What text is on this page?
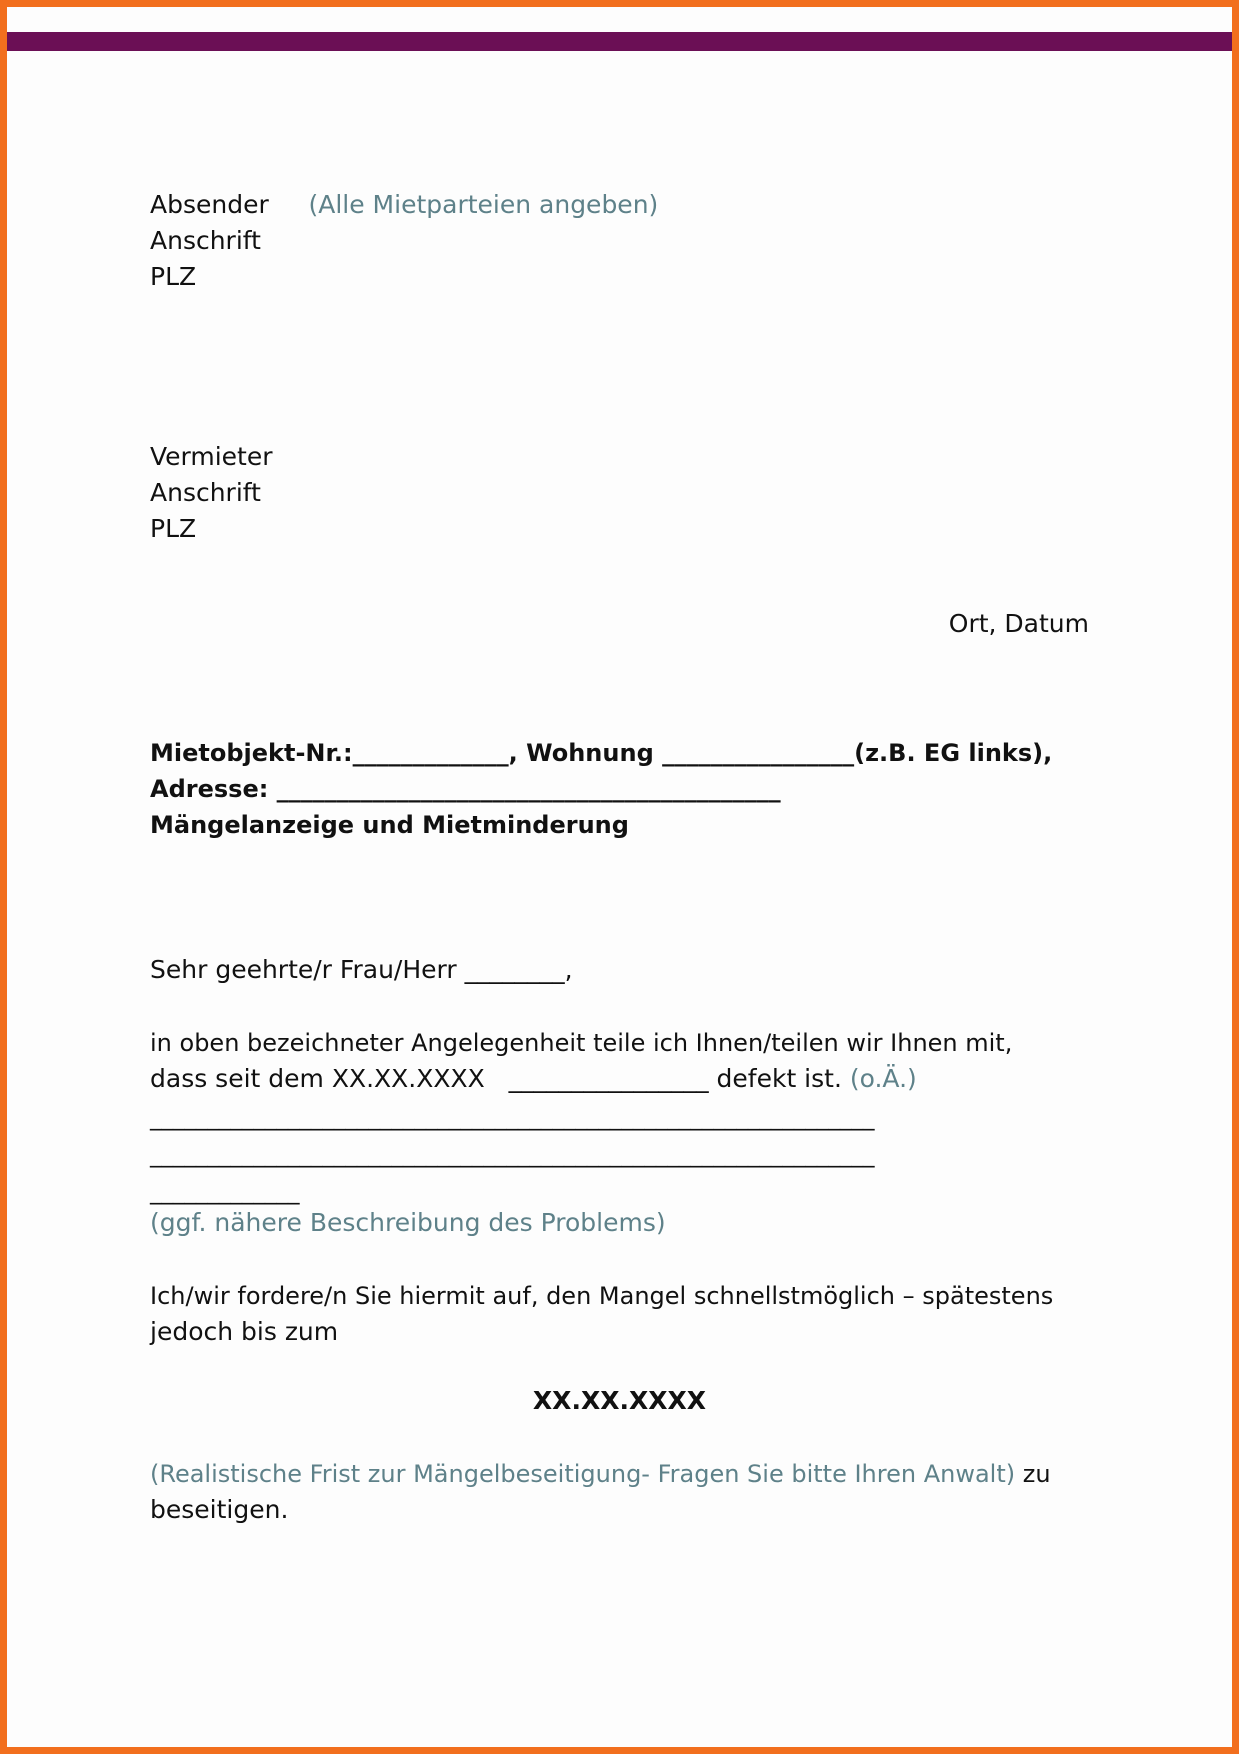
Absender (Alle Mietparteien angeben)
Anschrift
PLZ
Vermieter
Anschrift
PLZ
Ort, Datum
Mietobjekt-Nr.:_____________, Wohnung ________________(z.B. EG links),
Adresse: __________________________________________
Mängelanzeige und Mietminderung
Sehr geehrte/r Frau/Herr ________,
in oben bezeichneter Angelegenheit teile ich Ihnen/teilen wir Ihnen mit,
dass seit dem XX.XX.XXXX   ________________ defekt ist. (o.Ä.)
_______________________________________________________________
_______________________________________________________________
_____________
(ggf. nähere Beschreibung des Problems)
Ich/wir fordere/n Sie hiermit auf, den Mangel schnellstmöglich – spätestens
jedoch bis zum
XX.XX.XXXX
(Realistische Frist zur Mängelbeseitigung- Fragen Sie bitte Ihren Anwalt) zu
beseitigen.
